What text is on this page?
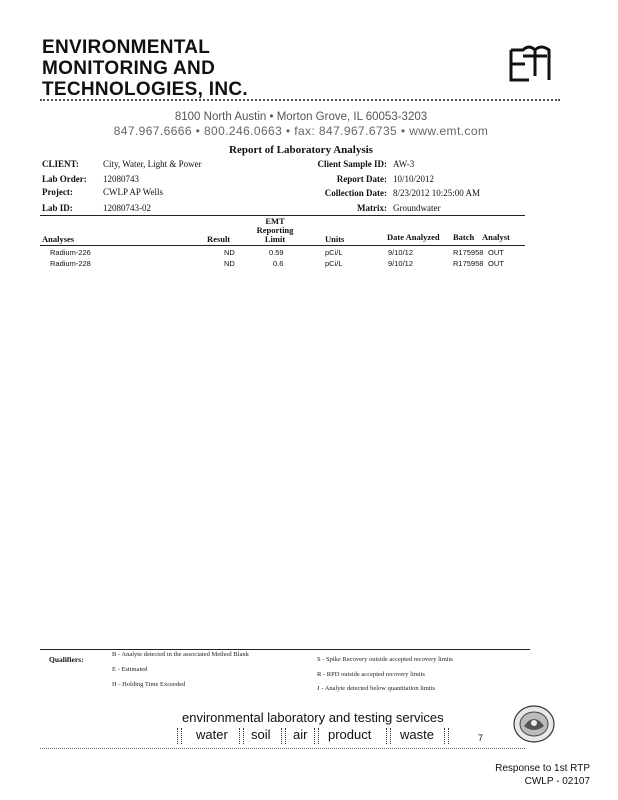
ENVIRONMENTAL
MONITORING AND
TECHNOLOGIES, INC.
8100 North Austin • Morton Grove, IL 60053-3203
847.967.6666 • 800.246.0663 • fax: 847.967.6735 • www.emt.com
Report of Laboratory Analysis
CLIENT:	City, Water, Light & Power
Lab Order: 12080743
Project:	CWLP AP Wells
Lab ID:	12080743-02
Client Sample ID: AW-3
Report Date: 10/10/2012
Collection Date: 8/23/2012 10:25:00 AM
Matrix: Groundwater
Analyses	Result
EMT
Reporting
Limit	Units	Date Analyzed Batch Analyst
Radium-226	ND	0.59	pCi/L	9/10/12	R175958 OUT
Radium-228	ND	0.6	pCi/L	9/10/12	R175958 OUT
Qualifiers:
B - Analyte detected in the associated Method Blank
E - Estimated
H - Holding Time Exceeded
S - Spike Recovery outside accepted recovery limits
R - RPD outside accepted recovery limits
J - Analyte detected below quantitation limits
environmental laboratory and testing services
water soil air product waste	7
Response to 1st RTP
CWLP - 02107
